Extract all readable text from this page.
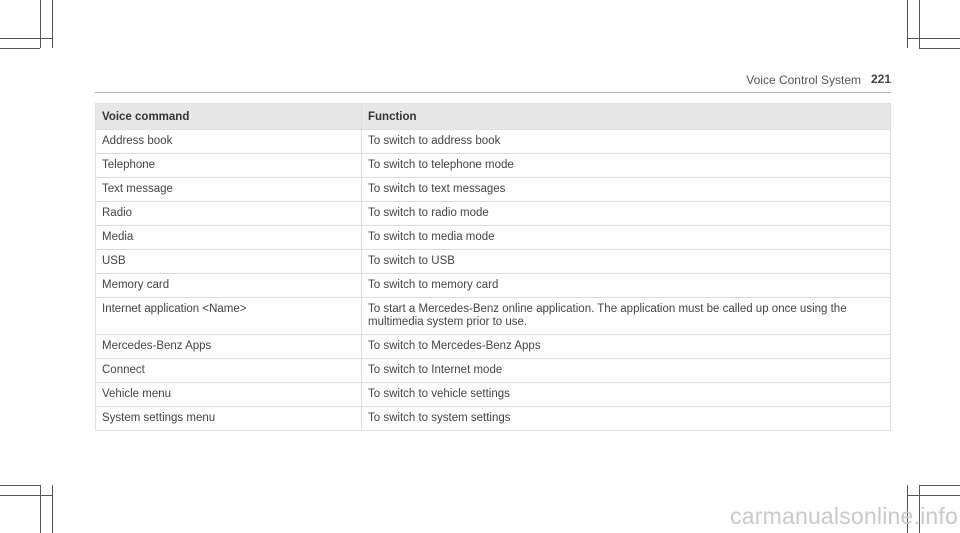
Voice Control System 221
Voice command	Function
Address book	To switch to address book
Telephone	To switch to telephone mode
Text message	To switch to text messages
Radio	To switch to radio mode
Media	To switch to media mode
USB	To switch to USB
Memory card	To switch to memory card
Internet application <Name>	To start a Mercedes-Benz online application. The application must be called up once using the multimedia system prior to use.
Mercedes-Benz Apps	To switch to Mercedes-Benz Apps
Connect	To switch to Internet mode
Vehicle menu	To switch to vehicle settings
System settings menu	To switch to system settings
carmanualsonline.info
